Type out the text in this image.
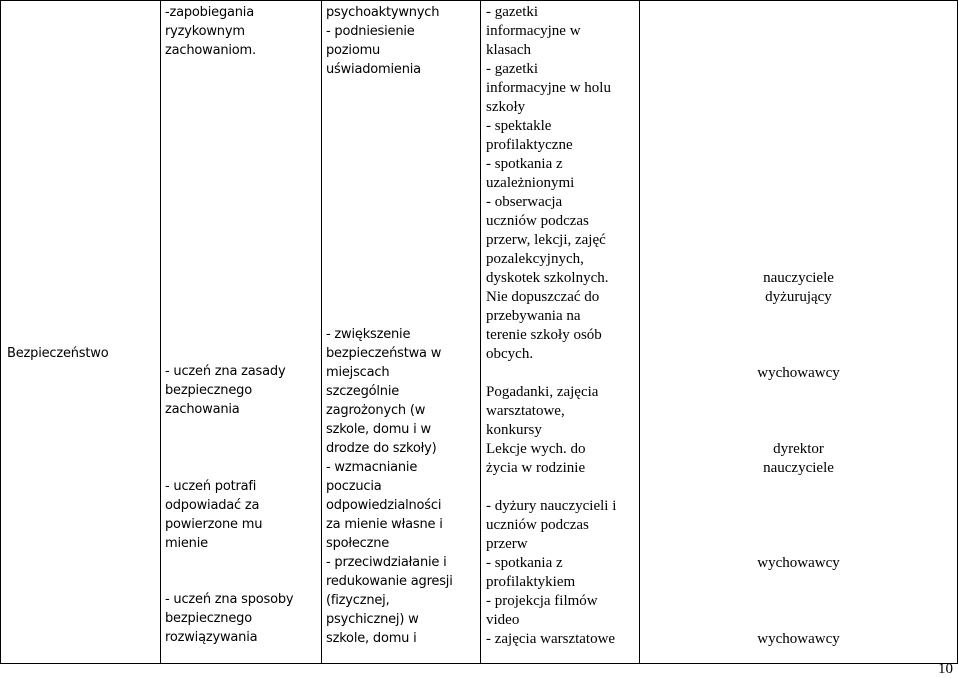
Bezpieczeństwo

-zapobiegania
ryzykownym
zachowaniom.
- uczeń zna zasady
bezpiecznego
zachowania
- uczeń potrafi
odpowiadać za
powierzone mu
mienie
- uczeń zna sposoby
bezpiecznego
rozwiązywania

psychoaktywnych
- podniesienie
poziomu
uświadomienia
- zwiększenie
bezpieczeństwa w
miejscach
szczególnie
zagrożonych (w
szkole, domu i w
drodze do szkoły)
- wzmacnianie
poczucia
odpowiedzialności
za mienie własne i
społeczne
- przeciwdziałanie i
redukowanie agresji
(fizycznej,
psychicznej) w
szkole, domu i

- gazetki
informacyjne w
klasach
- gazetki
informacyjne w holu
szkoły
- spektakle
profilaktyczne
- spotkania z
uzależnionymi
- obserwacja
uczniów podczas
przerw, lekcji, zajęć
pozalekcyjnych,
dyskotek szkolnych.
Nie dopuszczać do
przebywania na
terenie szkoły osób
obcych.
Pogadanki, zajęcia
warsztatowe,
konkursy
Lekcje wych. do
życia w rodzinie
- dyżury nauczycieli i
uczniów podczas
przerw
- spotkania z
profilaktykiem
- projekcja filmów
video
- zajęcia warsztatowe

nauczyciele
dyżurujący
wychowawcy
dyrektor
nauczyciele
wychowawcy
wychowawcy
10
